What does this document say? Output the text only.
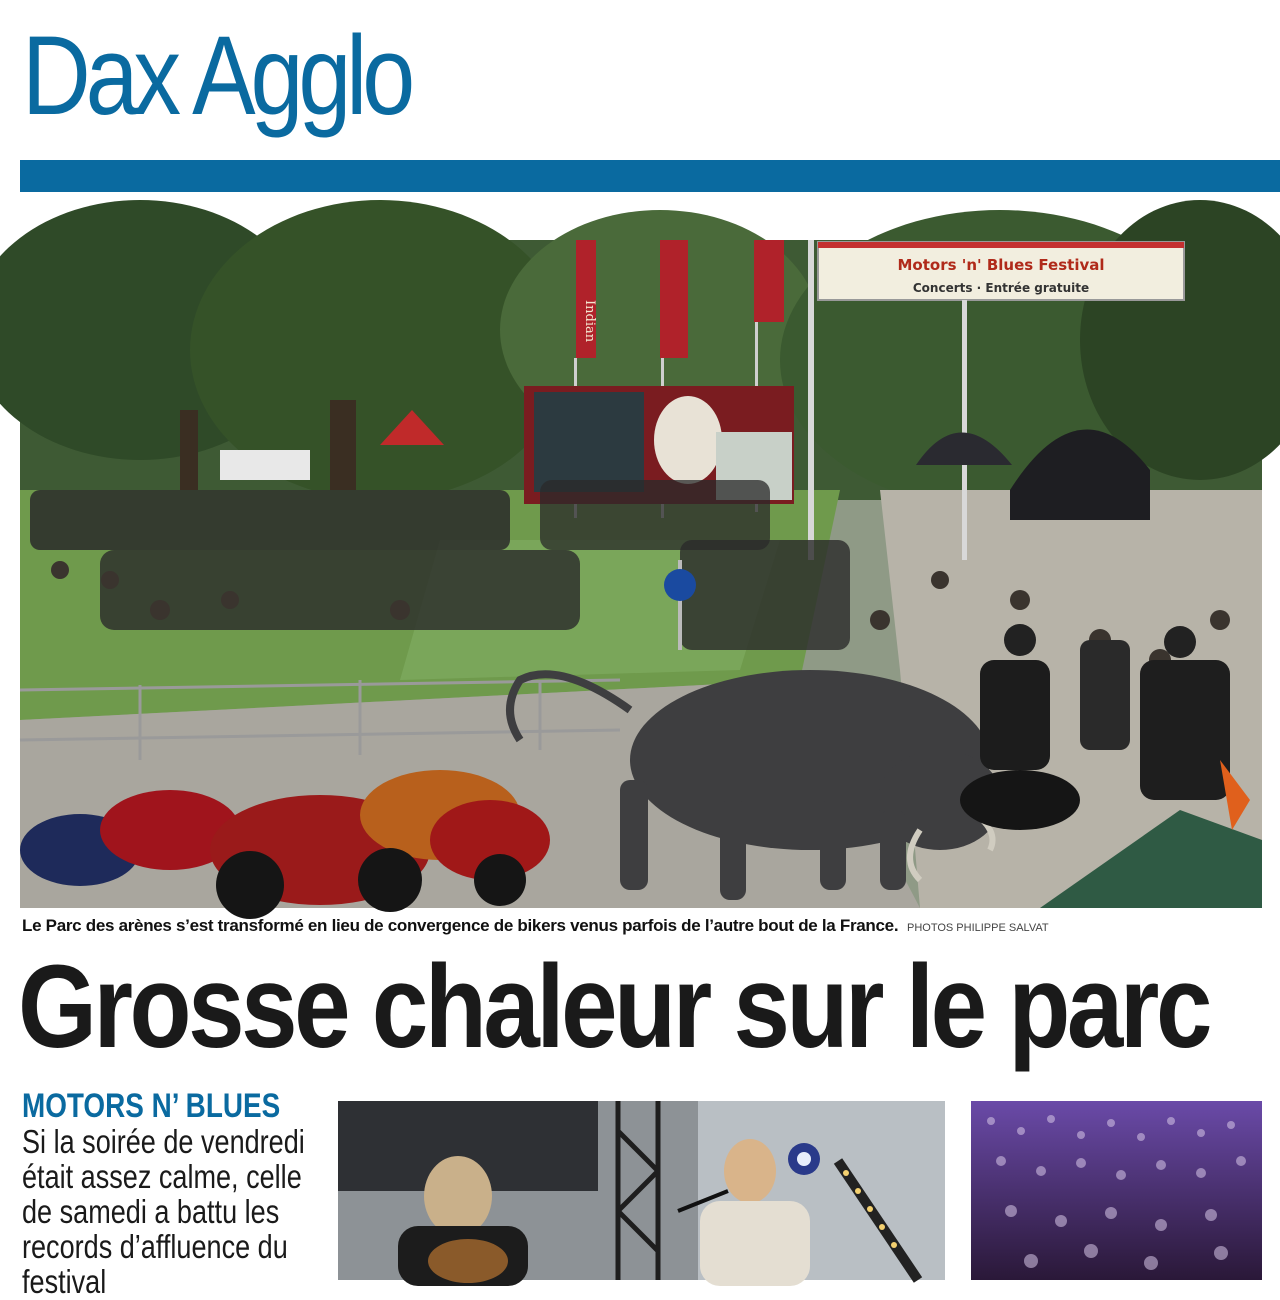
Dax Agglo
Indian
Motors 'n' Blues Festival
Concerts · Entrée gratuite
Le Parc des arènes s’est transformé en lieu de convergence de bikers venus parfois de l’autre bout de la France. PHOTOS PHILIPPE SALVAT
Grosse chaleur sur le parc
MOTORS N’ BLUES

Si la soirée de vendredi était assez calme, celle de samedi a battu les records d’affluence du festival
